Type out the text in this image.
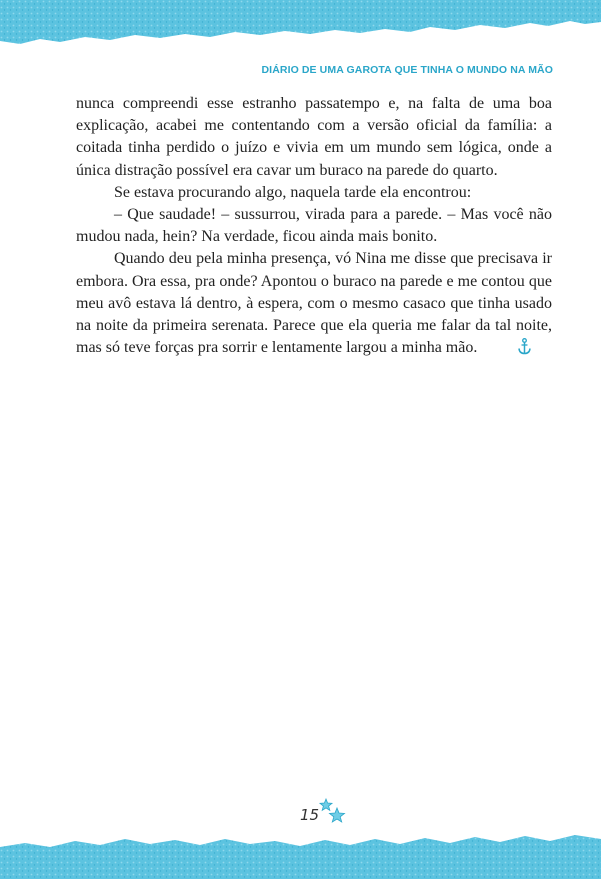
DIÁRIO DE UMA GAROTA QUE TINHA O MUNDO NA MÃO

nunca compreendi esse estranho passatempo e, na falta de uma boa explicação, acabei me contentando com a versão oficial da família: a coitada tinha perdido o juízo e vivia em um mundo sem lógica, onde a única distração possível era cavar um buraco na parede do quarto.

Se estava procurando algo, naquela tarde ela encontrou:

– Que saudade! – sussurrou, virada para a parede. – Mas você não mudou nada, hein? Na verdade, ficou ainda mais bonito.

Quando deu pela minha presença, vó Nina me disse que precisava ir embora. Ora essa, pra onde? Apontou o buraco na parede e me contou que meu avô estava lá dentro, à espera, com o mesmo casaco que tinha usado na noite da primeira serenata. Parece que ela queria me falar da tal noite, mas só teve forças pra sorrir e lentamente largou a minha mão.

15
